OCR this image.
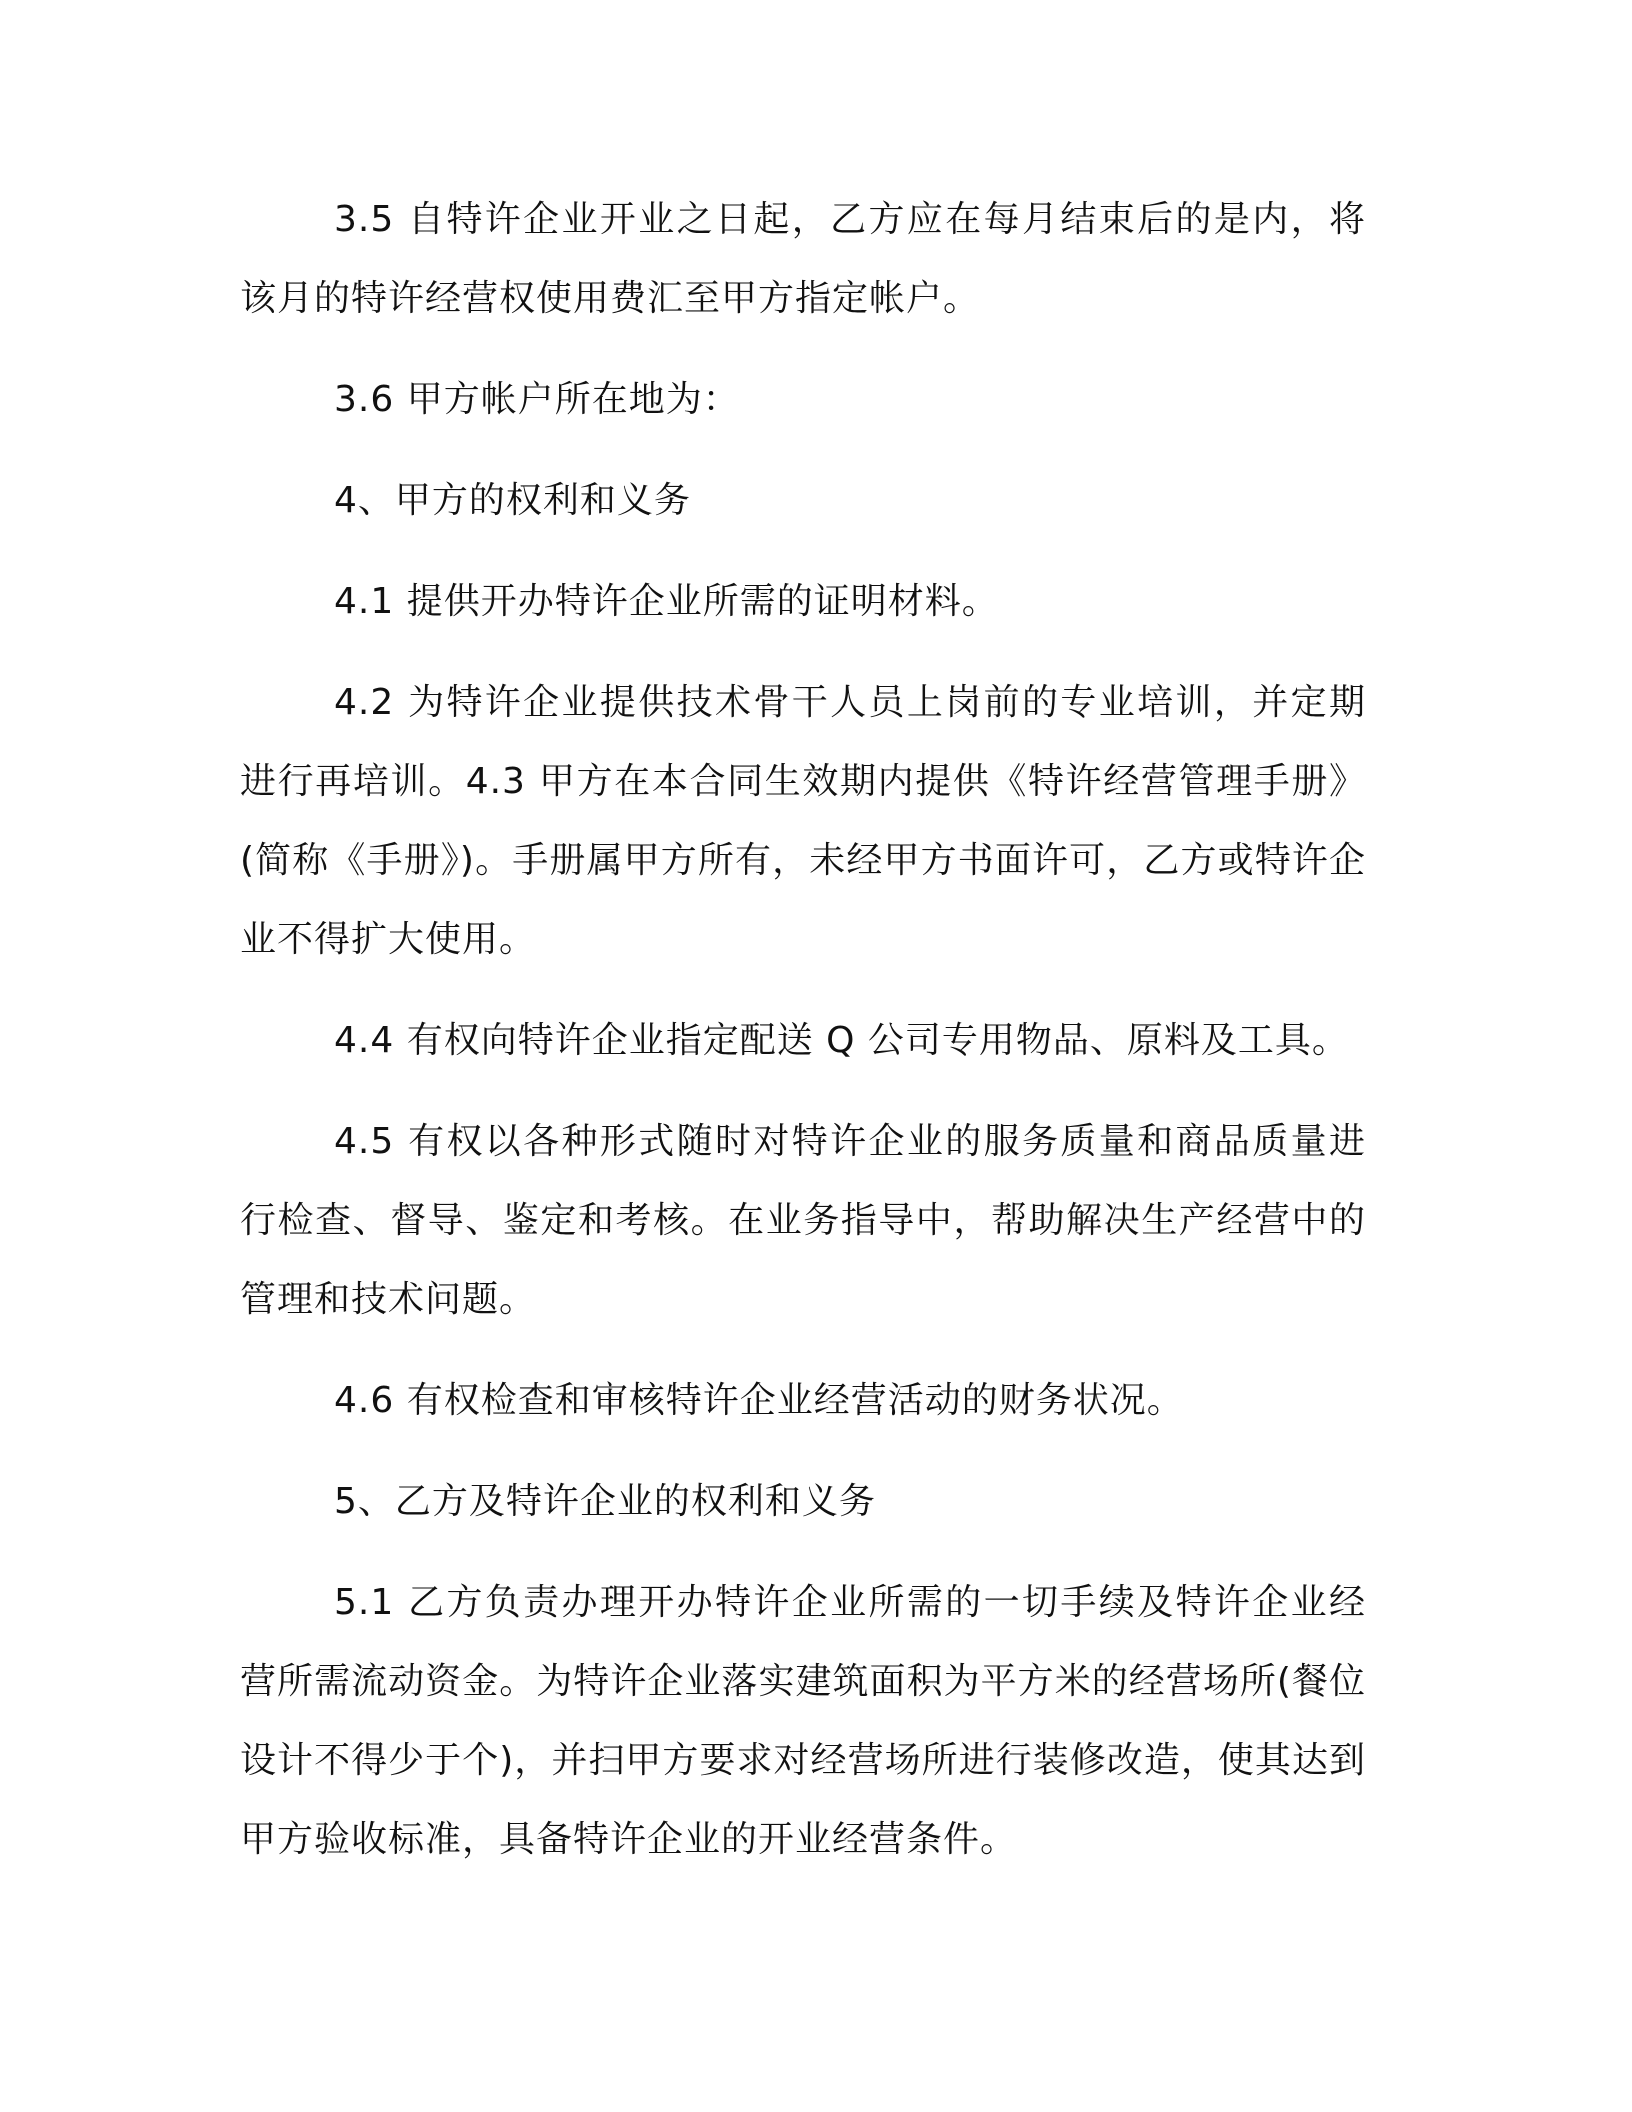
3.5 自特许企业开业之日起，乙方应在每月结束后的是内，将该月的特许经营权使用费汇至甲方指定帐户。

3.6 甲方帐户所在地为：

4、甲方的权利和义务

4.1 提供开办特许企业所需的证明材料。

4.2 为特许企业提供技术骨干人员上岗前的专业培训，并定期进行再培训。4.3 甲方在本合同生效期内提供《特许经营管理手册》(简称《手册》)。手册属甲方所有，未经甲方书面许可，乙方或特许企业不得扩大使用。

4.4 有权向特许企业指定配送 Q 公司专用物品、原料及工具。

4.5 有权以各种形式随时对特许企业的服务质量和商品质量进行检查、督导、鉴定和考核。在业务指导中，帮助解决生产经营中的管理和技术问题。

4.6 有权检查和审核特许企业经营活动的财务状况。

5、乙方及特许企业的权利和义务

5.1 乙方负责办理开办特许企业所需的一切手续及特许企业经营所需流动资金。为特许企业落实建筑面积为平方米的经营场所(餐位设计不得少于个)，并扫甲方要求对经营场所进行装修改造，使其达到甲方验收标准，具备特许企业的开业经营条件。
